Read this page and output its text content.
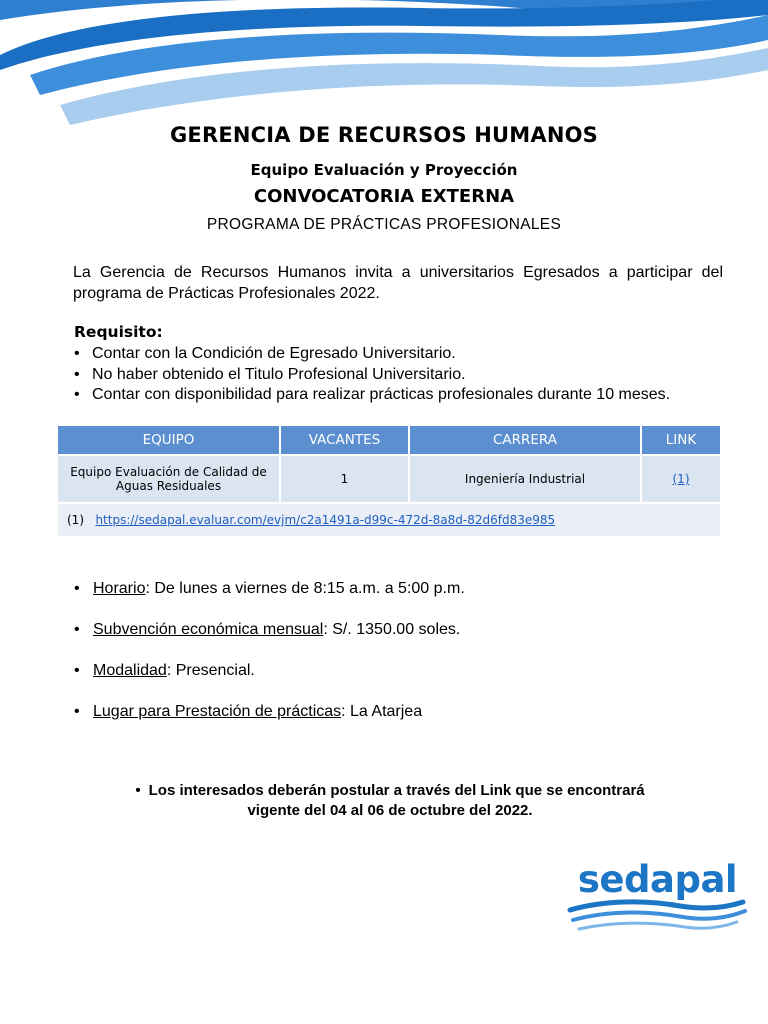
GERENCIA DE RECURSOS HUMANOS
Equipo Evaluación y Proyección
CONVOCATORIA EXTERNA
PROGRAMA DE PRÁCTICAS PROFESIONALES
La Gerencia de Recursos Humanos invita a universitarios Egresados a participar del programa de Prácticas Profesionales 2022.
Requisito:
• Contar con la Condición de Egresado Universitario.
• No haber obtenido el Titulo Profesional Universitario.
• Contar con disponibilidad para realizar prácticas profesionales durante 10 meses.
EQUIPO	VACANTES	CARRERA	LINK
Equipo Evaluación de Calidad de Aguas Residuales	1	Ingeniería Industrial	(1)
(1) https://sedapal.evaluar.com/evjm/c2a1491a-d99c-472d-8a8d-82d6fd83e985			
• Horario: De lunes a viernes de 8:15 a.m. a 5:00 p.m.
• Subvención económica mensual: S/. 1350.00 soles.
• Modalidad: Presencial.
• Lugar para Prestación de prácticas: La Atarjea
• Los interesados deberán postular a través del Link que se encontrará
vigente del 04 al 06 de octubre del 2022.
sedapal
